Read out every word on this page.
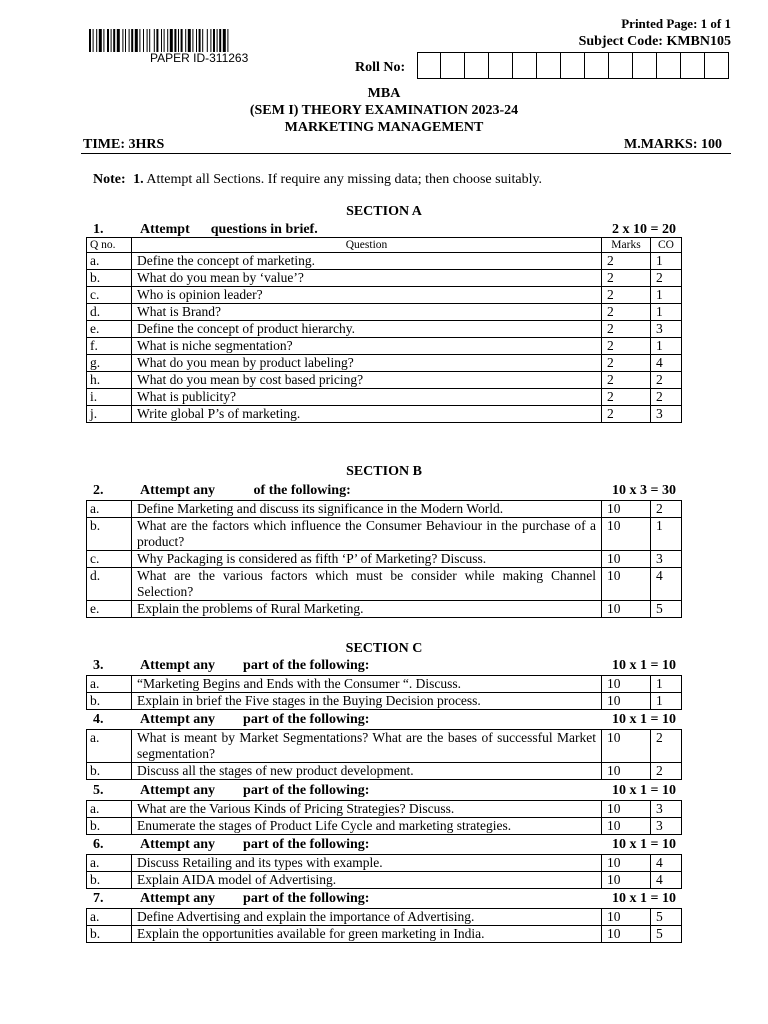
PAPER ID-311263
Printed Page: 1 of 1
Subject Code: KMBN105
Roll No:
MBA
(SEM I) THEORY EXAMINATION 2023-24
MARKETING MANAGEMENT
TIME: 3HRS	M.MARKS: 100
Note: 1. Attempt all Sections. If require any missing data; then choose suitably.
SECTION A
1.	Attempt      questions in brief.	2 x 10 = 20
Q no.	Question	Marks	CO
a.	Define the concept of marketing.	2	1
b.	What do you mean by ‘value’?	2	2
c.	Who is opinion leader?	2	1
d.	What is Brand?	2	1
e.	Define the concept of product hierarchy.	2	3
f.	What is niche segmentation?	2	1
g.	What do you mean by product labeling?	2	4
h.	What do you mean by cost based pricing?	2	2
i.	What is publicity?	2	2
j.	Write global P’s of marketing.	2	3
SECTION B
2.	Attempt any           of the following:	10 x 3 = 30
a.	Define Marketing and discuss its significance in the Modern World.	10	2
b.	What are the factors which influence the Consumer Behaviour in the purchase of a product?	10	1
c.	Why Packaging is considered as fifth ‘P’ of Marketing? Discuss.	10	3
d.	What are the various factors which must be consider while making Channel Selection?	10	4
e.	Explain the problems of Rural Marketing.	10	5
SECTION C
3.	Attempt any        part of the following:	10 x 1 = 10
a.	“Marketing Begins and Ends with the Consumer “. Discuss.	10	1
b.	Explain in brief the Five stages in the Buying Decision process.	10	1
4.	Attempt any        part of the following:	10 x 1 = 10
a.	What is meant by Market Segmentations? What are the bases of successful Market segmentation?	10	2
b.	Discuss all the stages of new product development.	10	2
5.	Attempt any        part of the following:	10 x 1 = 10
a.	What are the Various Kinds of Pricing Strategies? Discuss.	10	3
b.	Enumerate the stages of Product Life Cycle and marketing strategies.	10	3
6.	Attempt any        part of the following:	10 x 1 = 10
a.	Discuss Retailing and its types with example.	10	4
b.	Explain AIDA model of Advertising.	10	4
7.	Attempt any        part of the following:	10 x 1 = 10
a.	Define Advertising and explain the importance of Advertising.	10	5
b.	Explain the opportunities available for green marketing in India.	10	5
